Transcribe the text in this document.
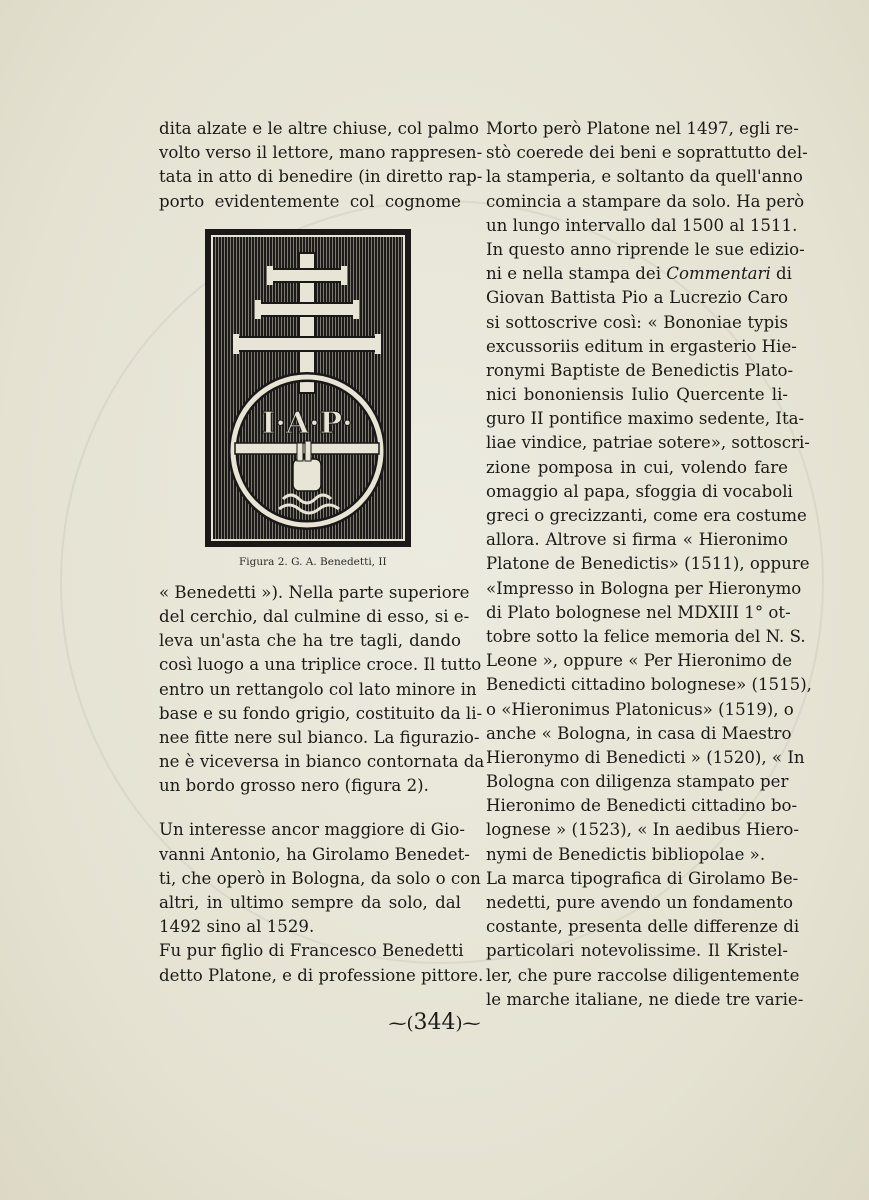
dita alzate e le altre chiuse, col palmo
volto verso il lettore, mano rappresen-
tata in atto di benedire (in diretto rap-
porto evidentemente col cognome

« Benedetti »). Nella parte superiore
del cerchio, dal culmine di esso, si e-
leva un'asta che ha tre tagli, dando
così luogo a una triplice croce. Il tutto
entro un rettangolo col lato minore in
base e su fondo grigio, costituito da li-
nee fitte nere sul bianco. La figurazio-
ne è viceversa in bianco contornata da
un bordo grosso nero (figura 2).

Un interesse ancor maggiore di Gio-
vanni Antonio, ha Girolamo Benedet-
ti, che operò in Bologna, da solo o con
altri, in ultimo sempre da solo, dal
1492 sino al 1529.

Fu pur figlio di Francesco Benedetti
detto Platone, e di professione pittore.

I·A·P·
Figura 2. G. A. Benedetti, II

Morto però Platone nel 1497, egli re-
stò coerede dei beni e soprattutto del-
la stamperia, e soltanto da quell'anno
comincia a stampare da solo. Ha però
un lungo intervallo dal 1500 al 1511.
In questo anno riprende le sue edizio-
ni e nella stampa dei Commentari di
Giovan Battista Pio a Lucrezio Caro
si sottoscrive così: « Bononiae typis
excussoriis editum in ergasterio Hie-
ronymi Baptiste de Benedictis Plato-
nici bononiensis Iulio Quercente li-
guro II pontifice maximo sedente, Ita-
liae vindice, patriae sotere», sottoscri-
zione pomposa in cui, volendo fare
omaggio al papa, sfoggia di vocaboli
greci o grecizzanti, come era costume
allora. Altrove si firma « Hieronimo
Platone de Benedictis» (1511), oppure
«Impresso in Bologna per Hieronymo
di Plato bolognese nel MDXIII 1° ot-
tobre sotto la felice memoria del N. S.
Leone », oppure « Per Hieronimo de
Benedicti cittadino bolognese» (1515),
o «Hieronimus Platonicus» (1519), o
anche « Bologna, in casa di Maestro
Hieronymo di Benedicti » (1520), « In
Bologna con diligenza stampato per
Hieronimo de Benedicti cittadino bo-
lognese » (1523), « In aedibus Hiero-
nymi de Benedictis bibliopolae ».

La marca tipografica di Girolamo Be-
nedetti, pure avendo un fondamento
costante, presenta delle differenze di
particolari notevolissime. Il Kristel-
ler, che pure raccolse diligentemente
le marche italiane, ne diede tre varie-

⁓(344)⁓
